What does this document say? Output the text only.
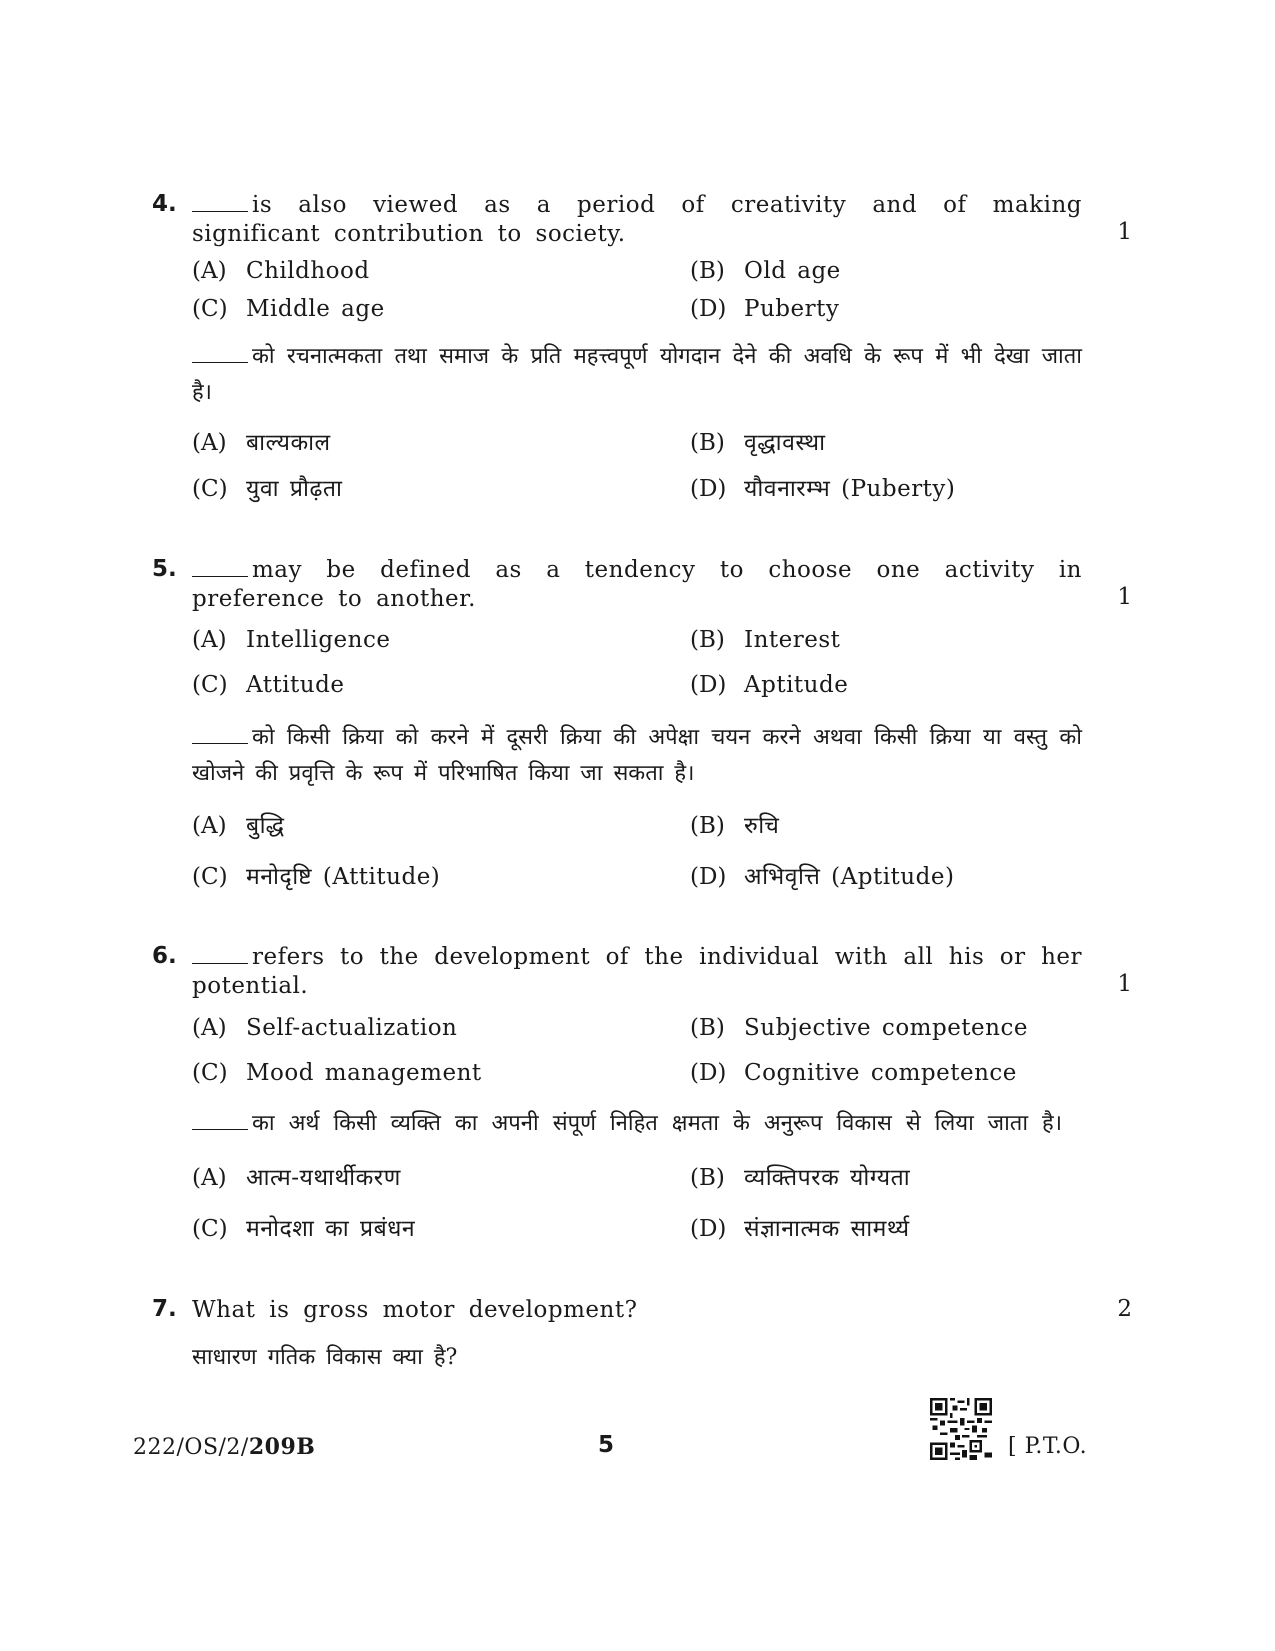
4.	is also viewed as a period of creativity and of making significant contribution to society.	1
(A) Childhood	(B) Old age
(C) Middle age	(D) Puberty
को रचनात्मकता तथा समाज के प्रति महत्त्वपूर्ण योगदान देने की अवधि के रूप में भी देखा जाता है।
(A) बाल्यकाल	(B) वृद्धावस्था
(C) युवा प्रौढ़ता	(D) यौवनारम्भ (Puberty)
5.	may be defined as a tendency to choose one activity in preference to another.	1
(A) Intelligence	(B) Interest
(C) Attitude	(D) Aptitude
को किसी क्रिया को करने में दूसरी क्रिया की अपेक्षा चयन करने अथवा किसी क्रिया या वस्तु को खोजने की प्रवृत्ति के रूप में परिभाषित किया जा सकता है।
(A) बुद्धि	(B) रुचि
(C) मनोदृष्टि (Attitude)	(D) अभिवृत्ति (Aptitude)
6.	refers to the development of the individual with all his or her potential.	1
(A) Self-actualization	(B) Subjective competence
(C) Mood management	(D) Cognitive competence
का अर्थ किसी व्यक्ति का अपनी संपूर्ण निहित क्षमता के अनुरूप विकास से लिया जाता है।
(A) आत्म-यथार्थीकरण	(B) व्यक्तिपरक योग्यता
(C) मनोदशा का प्रबंधन	(D) संज्ञानात्मक सामर्थ्य
7. What is gross motor development?	2
साधारण गतिक विकास क्या है?
222/OS/2/209B	5	[ P.T.O.
